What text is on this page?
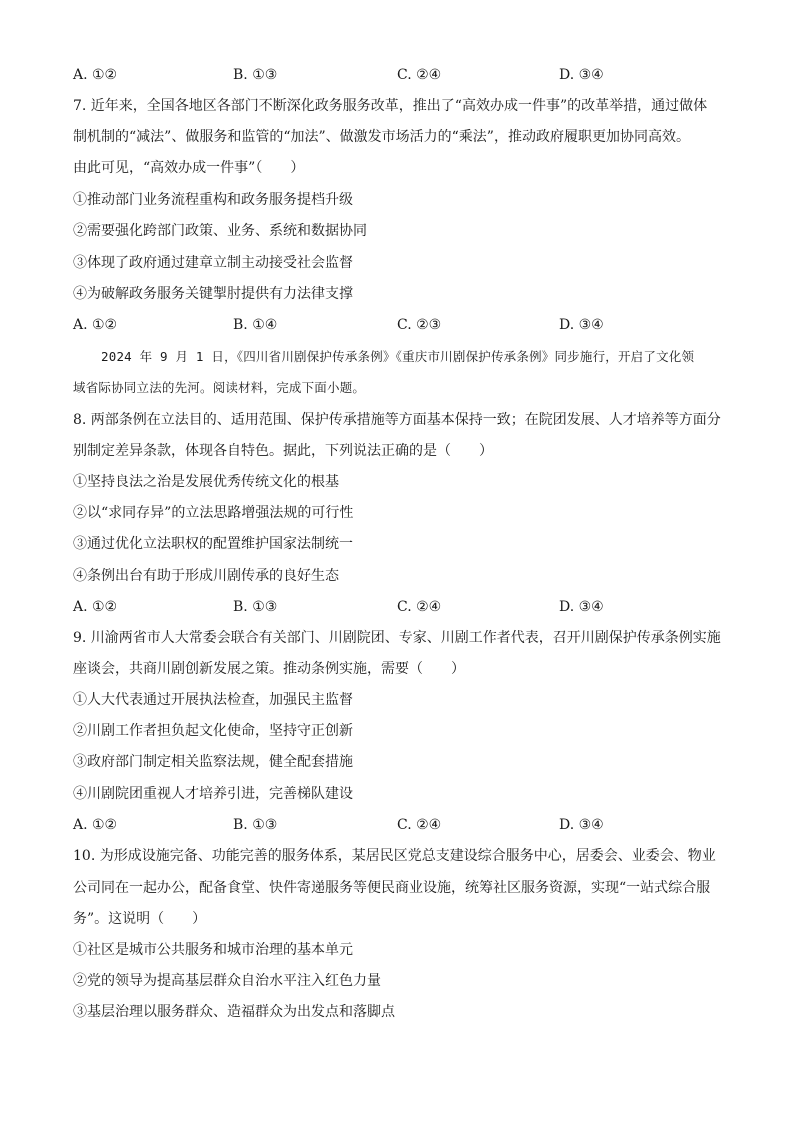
A. ①②	B. ①③	C. ②④	D. ③④
7. 近年来，全国各地区各部门不断深化政务服务改革，推出了“高效办成一件事”的改革举措，通过做体
制机制的“减法”、做服务和监管的“加法”、做激发市场活力的“乘法”，推动政府履职更加协同高效。
由此可见，“高效办成一件事”（　　）
①推动部门业务流程重构和政务服务提档升级
②需要强化跨部门政策、业务、系统和数据协同
③体现了政府通过建章立制主动接受社会监督
④为破解政务服务关键掣肘提供有力法律支撑
A. ①②	B. ①④	C. ②③	D. ③④
2024 年 9 月 1 日，《四川省川剧保护传承条例》《重庆市川剧保护传承条例》同步施行，开启了文化领
域省际协同立法的先河。阅读材料，完成下面小题。
8. 两部条例在立法目的、适用范围、保护传承措施等方面基本保持一致；在院团发展、人才培养等方面分
别制定差异条款，体现各自特色。据此，下列说法正确的是（　　）
①坚持良法之治是发展优秀传统文化的根基
②以“求同存异”的立法思路增强法规的可行性
③通过优化立法职权的配置维护国家法制统一
④条例出台有助于形成川剧传承的良好生态
A. ①②	B. ①③	C. ②④	D. ③④
9. 川渝两省市人大常委会联合有关部门、川剧院团、专家、川剧工作者代表，召开川剧保护传承条例实施
座谈会，共商川剧创新发展之策。推动条例实施，需要（　　）
①人大代表通过开展执法检查，加强民主监督
②川剧工作者担负起文化使命，坚持守正创新
③政府部门制定相关监察法规，健全配套措施
④川剧院团重视人才培养引进，完善梯队建设
A. ①②	B. ①③	C. ②④	D. ③④
10. 为形成设施完备、功能完善的服务体系，某居民区党总支建设综合服务中心，居委会、业委会、物业
公司同在一起办公，配备食堂、快件寄递服务等便民商业设施，统筹社区服务资源，实现“一站式综合服
务”。这说明（　　）
①社区是城市公共服务和城市治理的基本单元
②党的领导为提高基层群众自治水平注入红色力量
③基层治理以服务群众、造福群众为出发点和落脚点
